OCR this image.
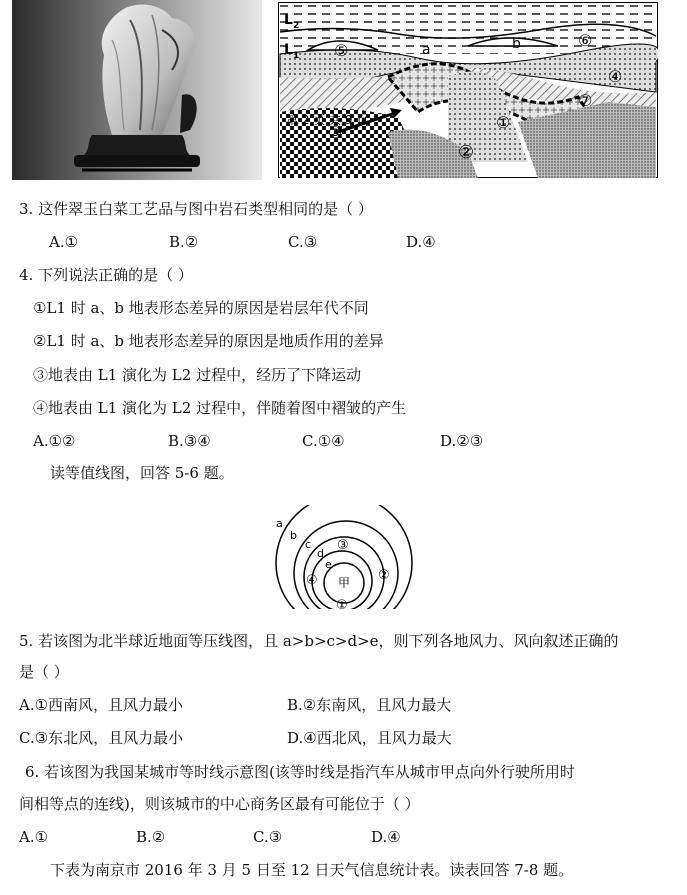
L 2
L 1 ⑤	a	b	⑥
④
⑦
①
②
③
第 2 页 共 9 页
3. 这件翠玉白菜工艺品与图中岩石类型相同的是（ ）
A.①	B.②	C.③	D.④
4. 下列说法正确的是（ ）
①L1 时 a、b 地表形态差异的原因是岩层年代不同
②L1 时 a、b 地表形态差异的原因是地质作用的差异
③地表由 L1 演化为 L2 过程中，经历了下降运动
④地表由 L1 演化为 L2 过程中，伴随着图中褶皱的产生
A.①②	B.③④	C.①④	D.②③
读等值线图，回答 5-6 题。
a
b
c
d
e
③
④	②
①
甲
5. 若该图为北半球近地面等压线图，且 a>b>c>d>e，则下列各地风力、风向叙述正确的
是（ ）
A.①西南风，且风力最小	B.②东南风，且风力最大
C.③东北风，且风力最小	D.④西北风，且风力最大
6. 若该图为我国某城市等时线示意图(该等时线是指汽车从城市甲点向外行驶所用时
间相等点的连线)，则该城市的中心商务区最有可能位于（ ）
A.①	B.②	C.③	D.④
下表为南京市 2016 年 3 月 5 日至 12 日天气信息统计表。读表回答 7-8 题。
